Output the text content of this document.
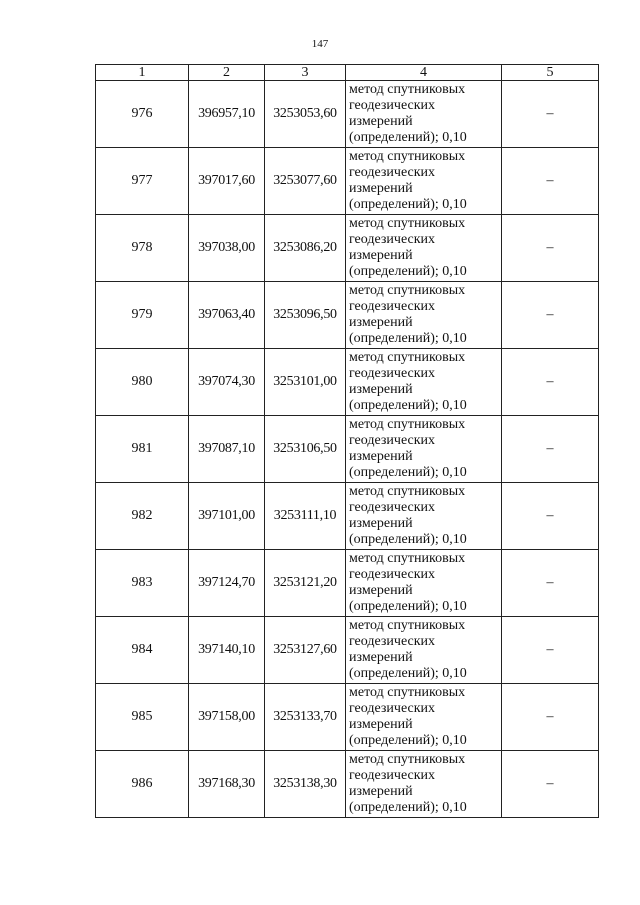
147
1	2	3	4	5
976	396957,10	3253053,60	метод спутниковых геодезических измерений (определений); 0,10	–
977	397017,60	3253077,60	метод спутниковых геодезических измерений (определений); 0,10	–
978	397038,00	3253086,20	метод спутниковых геодезических измерений (определений); 0,10	–
979	397063,40	3253096,50	метод спутниковых геодезических измерений (определений); 0,10	–
980	397074,30	3253101,00	метод спутниковых геодезических измерений (определений); 0,10	–
981	397087,10	3253106,50	метод спутниковых геодезических измерений (определений); 0,10	–
982	397101,00	3253111,10	метод спутниковых геодезических измерений (определений); 0,10	–
983	397124,70	3253121,20	метод спутниковых геодезических измерений (определений); 0,10	–
984	397140,10	3253127,60	метод спутниковых геодезических измерений (определений); 0,10	–
985	397158,00	3253133,70	метод спутниковых геодезических измерений (определений); 0,10	–
986	397168,30	3253138,30	метод спутниковых геодезических измерений (определений); 0,10	–
